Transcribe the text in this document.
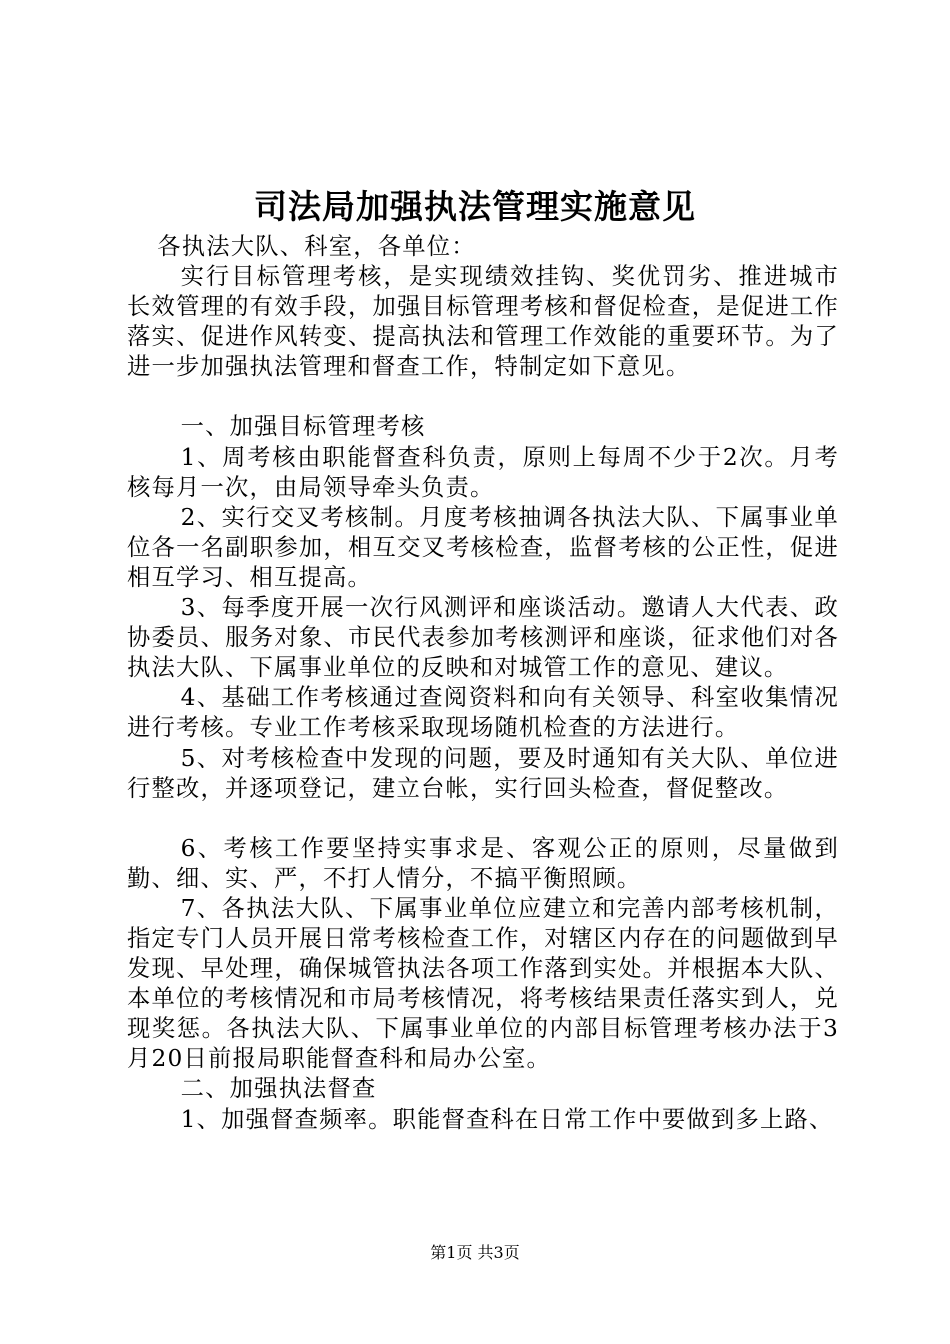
司法局加强执法管理实施意见

各执法大队、科室，各单位：

实行目标管理考核，是实现绩效挂钩、奖优罚劣、推进城市长效管理的有效手段，加强目标管理考核和督促检查，是促进工作落实、促进作风转变、提高执法和管理工作效能的重要环节。为了进一步加强执法管理和督查工作，特制定如下意见。

一、加强目标管理考核

1、周考核由职能督查科负责，原则上每周不少于2次。月考核每月一次，由局领导牵头负责。

2、实行交叉考核制。月度考核抽调各执法大队、下属事业单位各一名副职参加，相互交叉考核检查，监督考核的公正性，促进相互学习、相互提高。

3、每季度开展一次行风测评和座谈活动。邀请人大代表、政协委员、服务对象、市民代表参加考核测评和座谈，征求他们对各执法大队、下属事业单位的反映和对城管工作的意见、建议。

4、基础工作考核通过查阅资料和向有关领导、科室收集情况进行考核。专业工作考核采取现场随机检查的方法进行。

5、对考核检查中发现的问题，要及时通知有关大队、单位进行整改，并逐项登记，建立台帐，实行回头检查，督促整改。

6、考核工作要坚持实事求是、客观公正的原则，尽量做到勤、细、实、严，不打人情分，不搞平衡照顾。

7、各执法大队、下属事业单位应建立和完善内部考核机制，指定专门人员开展日常考核检查工作，对辖区内存在的问题做到早发现、早处理，确保城管执法各项工作落到实处。并根据本大队、本单位的考核情况和市局考核情况，将考核结果责任落实到人，兑现奖惩。各执法大队、下属事业单位的内部目标管理考核办法于3月20日前报局职能督查科和局办公室。

二、加强执法督查

1、加强督查频率。职能督查科在日常工作中要做到多上路、

第1页 共3页
